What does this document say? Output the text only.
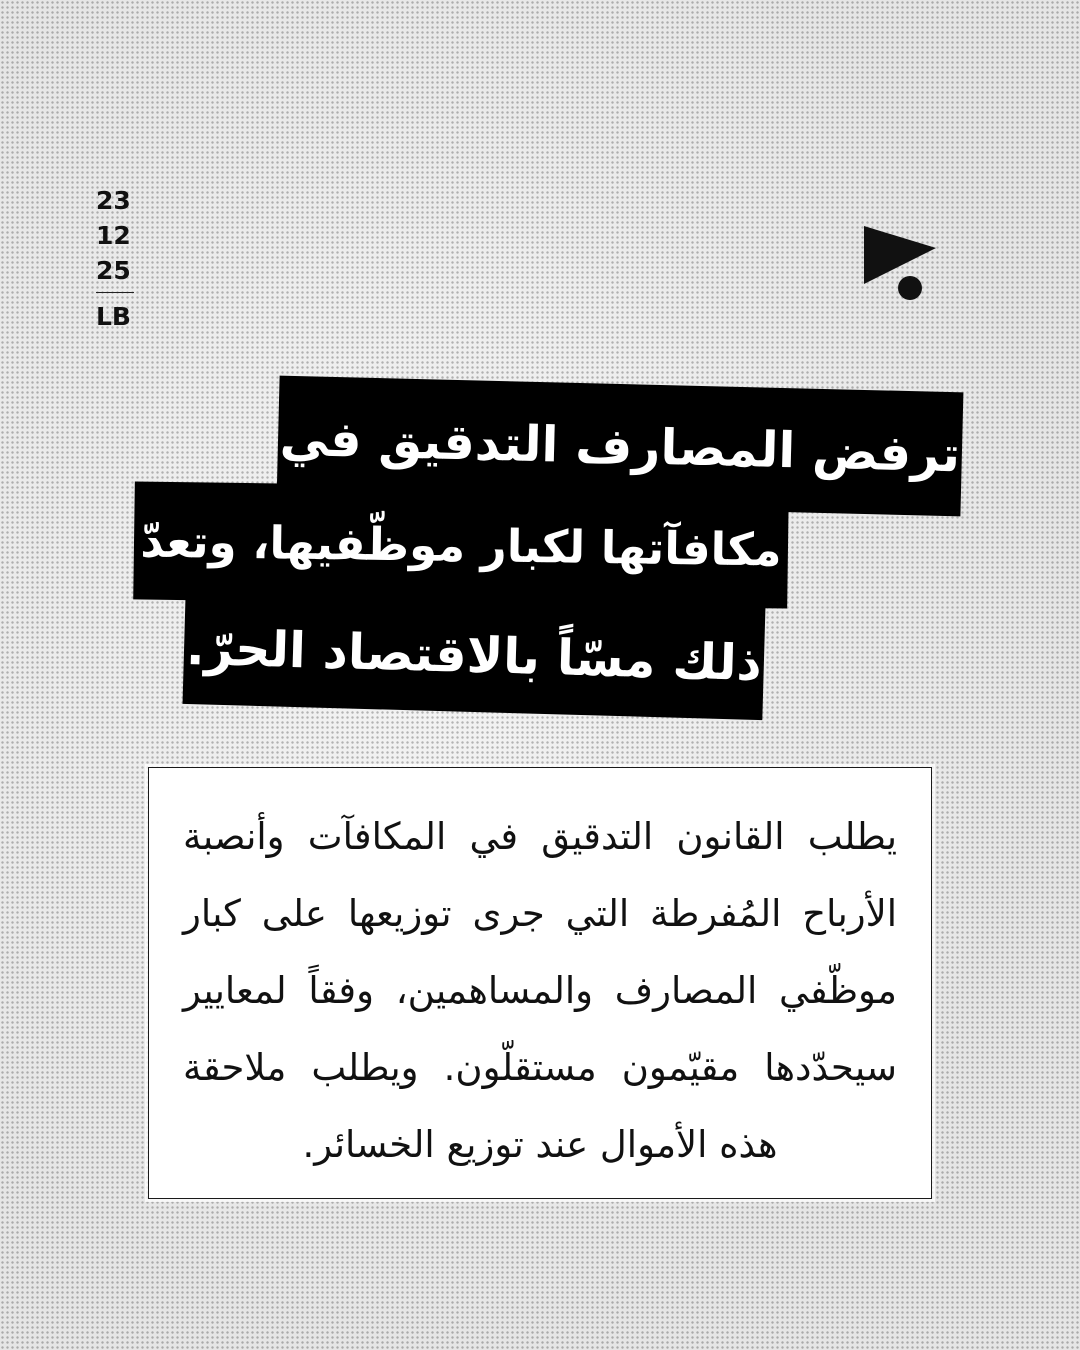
23
12
25
LB
ترفض المصارف التدقيق في
مكافآتها لكبار موظّفيها، وتعدّ
ذلك مسّاً بالاقتصاد الحرّ.

يطلب القانون التدقيق في المكافآت وأنصبة الأرباح المُفرطة التي جرى توزيعها على كبار موظّفي المصارف والمساهمين، وفقاً لمعايير سيحدّدها مقيّمون مستقلّون. ويطلب ملاحقة هذه الأموال عند توزيع الخسائر.
